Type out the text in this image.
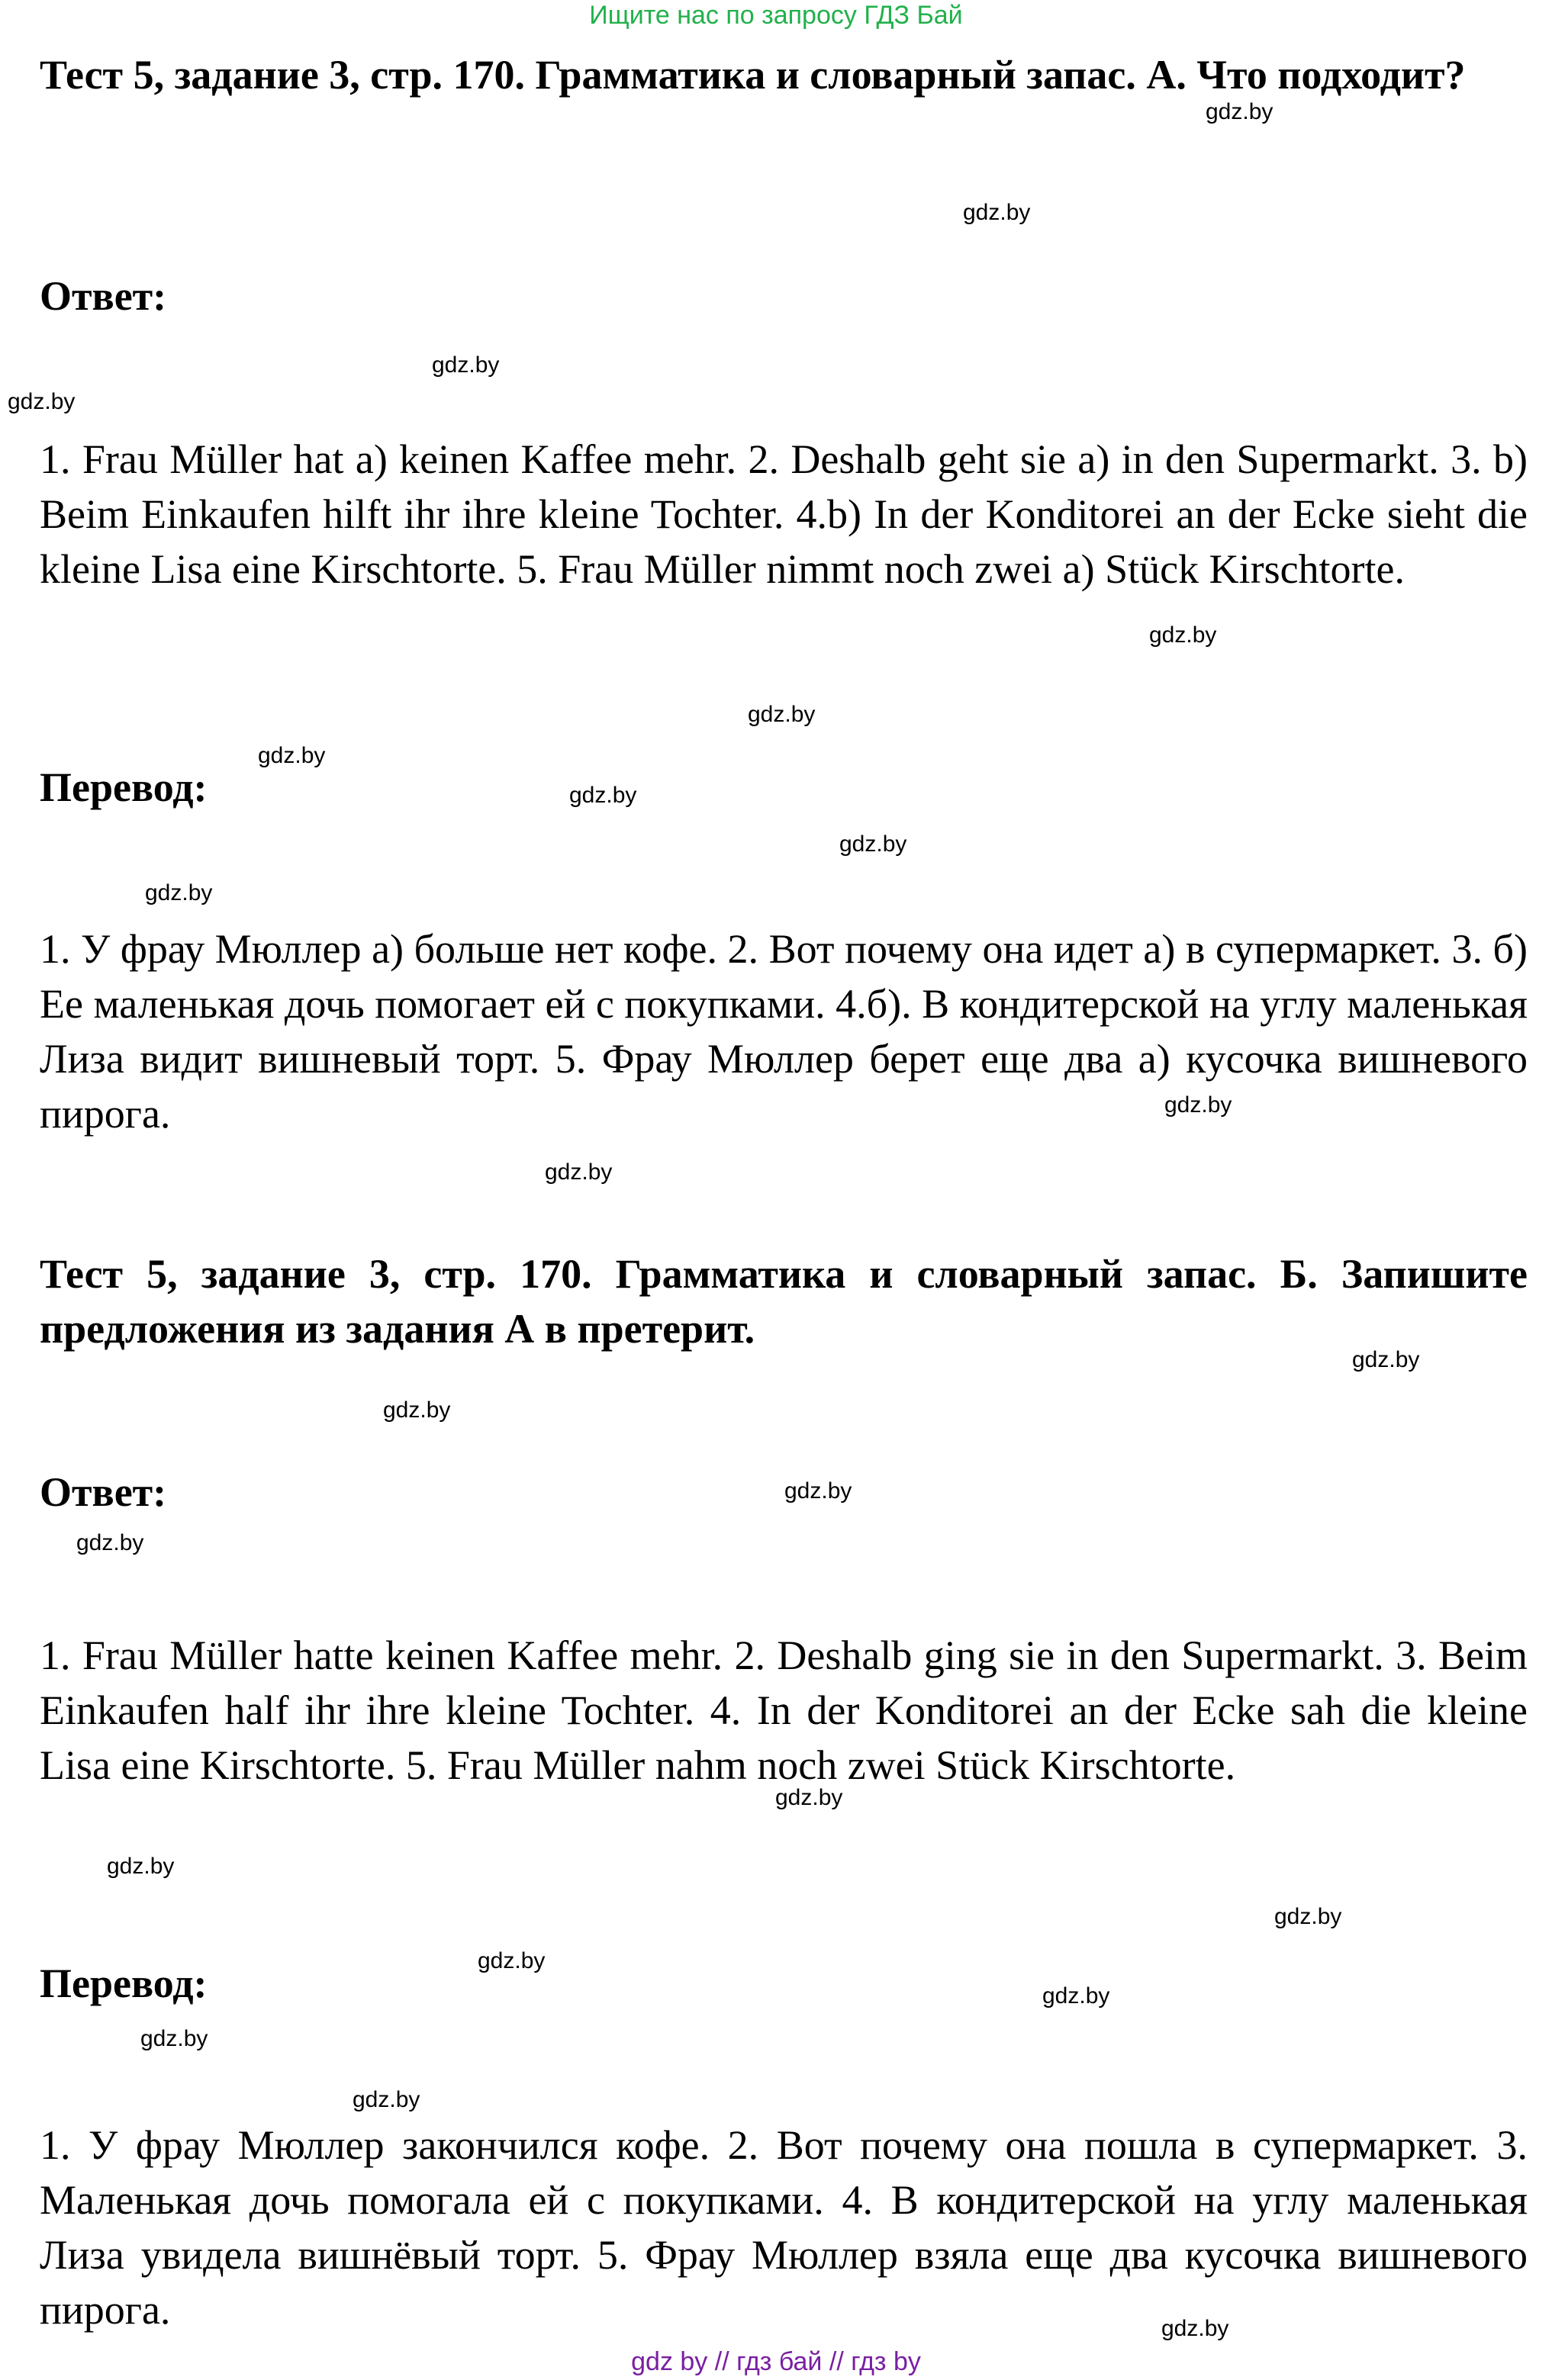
Ищите нас по запросу ГДЗ Бай
Тест 5, задание 3, стр. 170. Грамматика и словарный запас. А. Что подходит?
Ответ:
1. Frau Müller hat a) keinen Kaffee mehr. 2. Deshalb geht sie a) in den Supermarkt. 3. b) Beim Einkaufen hilft ihr ihre kleine Tochter. 4.b) In der Konditorei an der Ecke sieht die kleine Lisa eine Kirschtorte. 5. Frau Müller nimmt noch zwei a) Stück Kirschtorte.
Перевод:
1. У фрау Мюллер а) больше нет кофе. 2. Вот почему она идет а) в супермаркет. 3. б) Ее маленькая дочь помогает ей с покупками. 4.б). В кондитерской на углу маленькая Лиза видит вишневый торт. 5. Фрау Мюллер берет еще два а) кусочка вишневого пирога.
Тест 5, задание 3, стр. 170. Грамматика и словарный запас. Б. Запишите предложения из задания А в претерит.
Ответ:
1. Frau Müller hatte keinen Kaffee mehr. 2. Deshalb ging sie in den Supermarkt. 3. Beim Einkaufen half ihr ihre kleine Tochter. 4. In der Konditorei an der Ecke sah die kleine Lisa eine Kirschtorte. 5. Frau Müller nahm noch zwei Stück Kirschtorte.
Перевод:
1. У фрау Мюллер закончился кофе. 2. Вот почему она пошла в супермаркет. 3. Маленькая дочь помогала ей с покупками. 4. В кондитерской на углу маленькая Лиза увидела вишнёвый торт. 5. Фрау Мюллер взяла еще два кусочка вишневого пирога.
gdz.by
gdz.by
gdz.by
gdz.by
gdz.by
gdz.by
gdz.by
gdz.by
gdz.by
gdz.by
gdz.by
gdz.by
gdz.by
gdz.by
gdz.by
gdz.by
gdz.by
gdz.by
gdz.by
gdz.by
gdz.by
gdz.by
gdz.by
gdz.by
gdz by // гдз бай // гдз by
